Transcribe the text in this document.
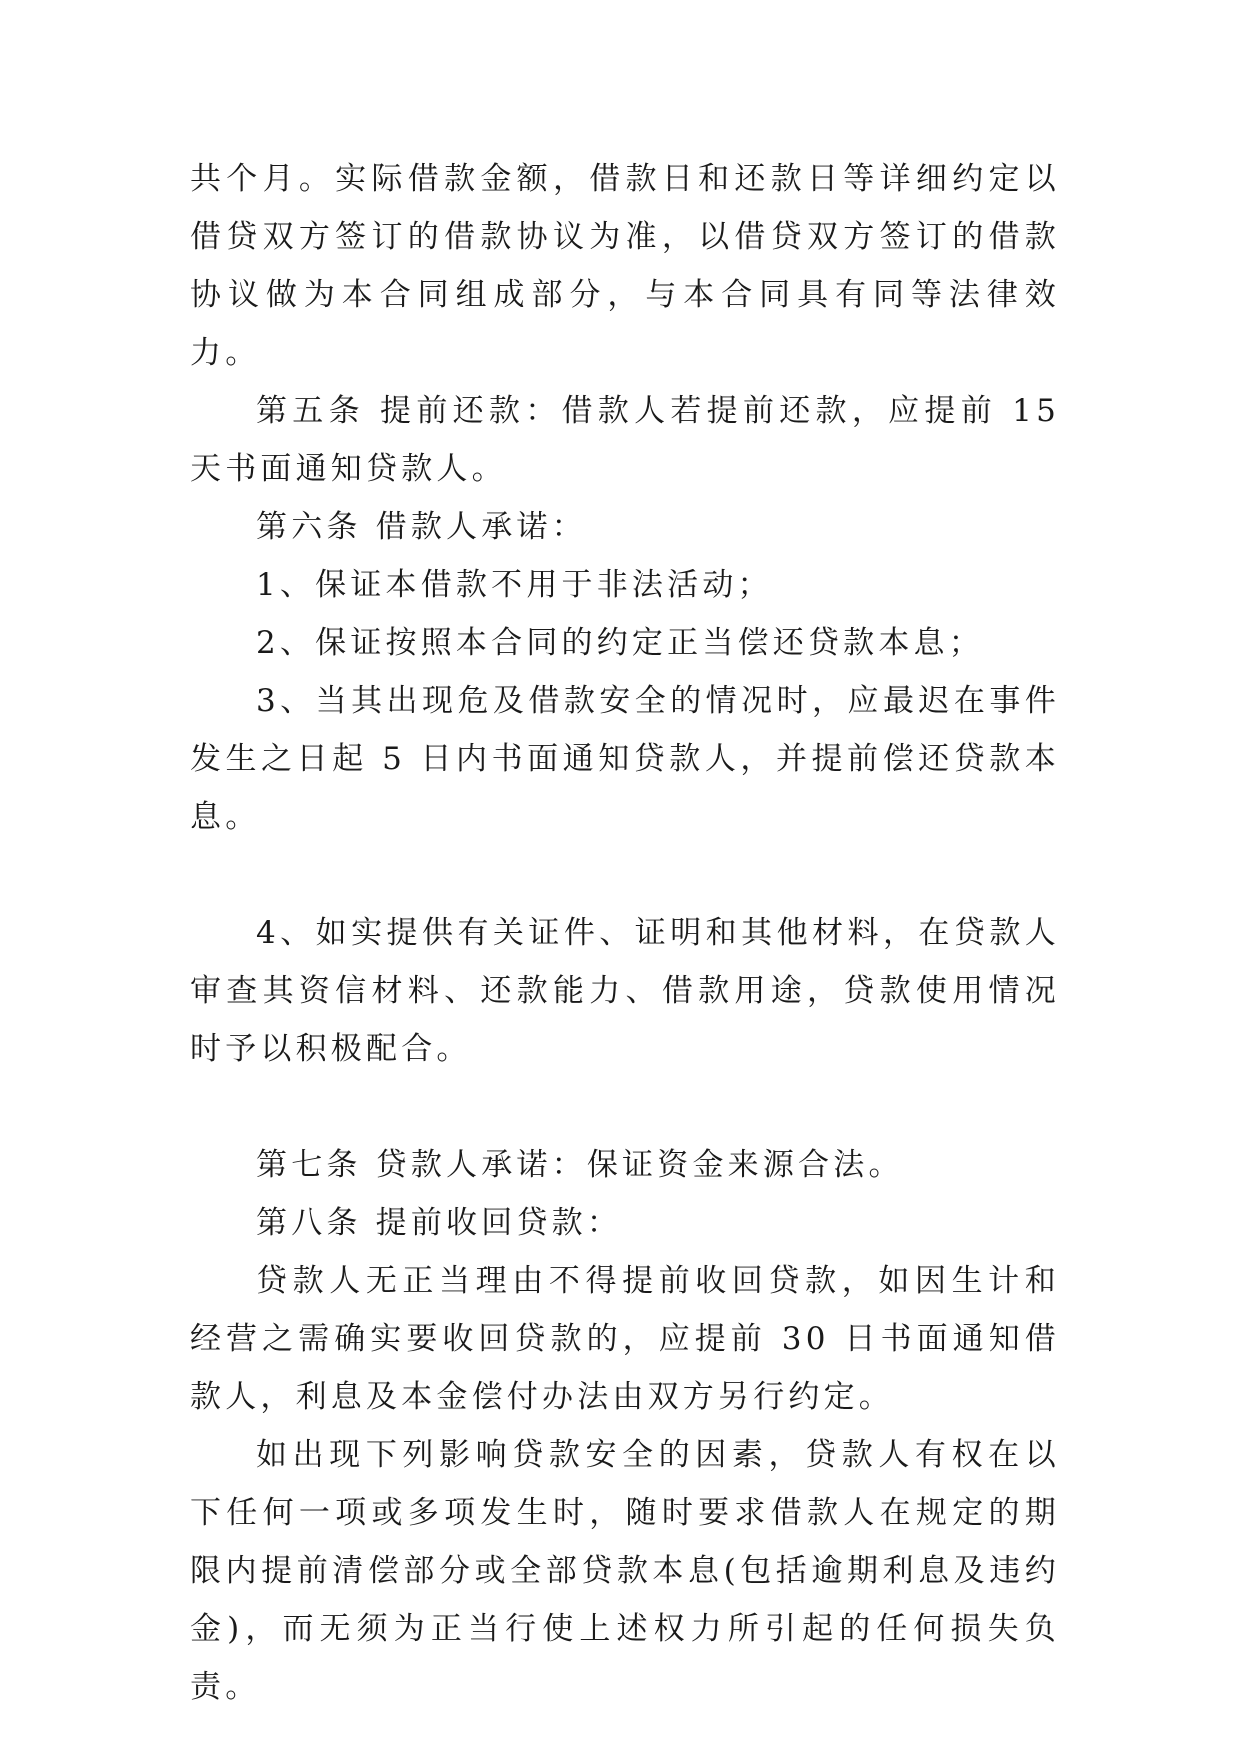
共个月。实际借款金额，借款日和还款日等详细约定以借贷双方签订的借款协议为准，以借贷双方签订的借款协议做为本合同组成部分，与本合同具有同等法律效力。

第五条 提前还款：借款人若提前还款，应提前 15 天书面通知贷款人。

第六条 借款人承诺：

1、保证本借款不用于非法活动；

2、保证按照本合同的约定正当偿还贷款本息；

3、当其出现危及借款安全的情况时，应最迟在事件发生之日起 5 日内书面通知贷款人，并提前偿还贷款本息。

4、如实提供有关证件、证明和其他材料，在贷款人审查其资信材料、还款能力、借款用途，贷款使用情况时予以积极配合。

第七条 贷款人承诺：保证资金来源合法。

第八条 提前收回贷款：

贷款人无正当理由不得提前收回贷款，如因生计和经营之需确实要收回贷款的，应提前 30 日书面通知借款人，利息及本金偿付办法由双方另行约定。

如出现下列影响贷款安全的因素，贷款人有权在以下任何一项或多项发生时，随时要求借款人在规定的期限内提前清偿部分或全部贷款本息(包括逾期利息及违约金)，而无须为正当行使上述权力所引起的任何损失负责。
